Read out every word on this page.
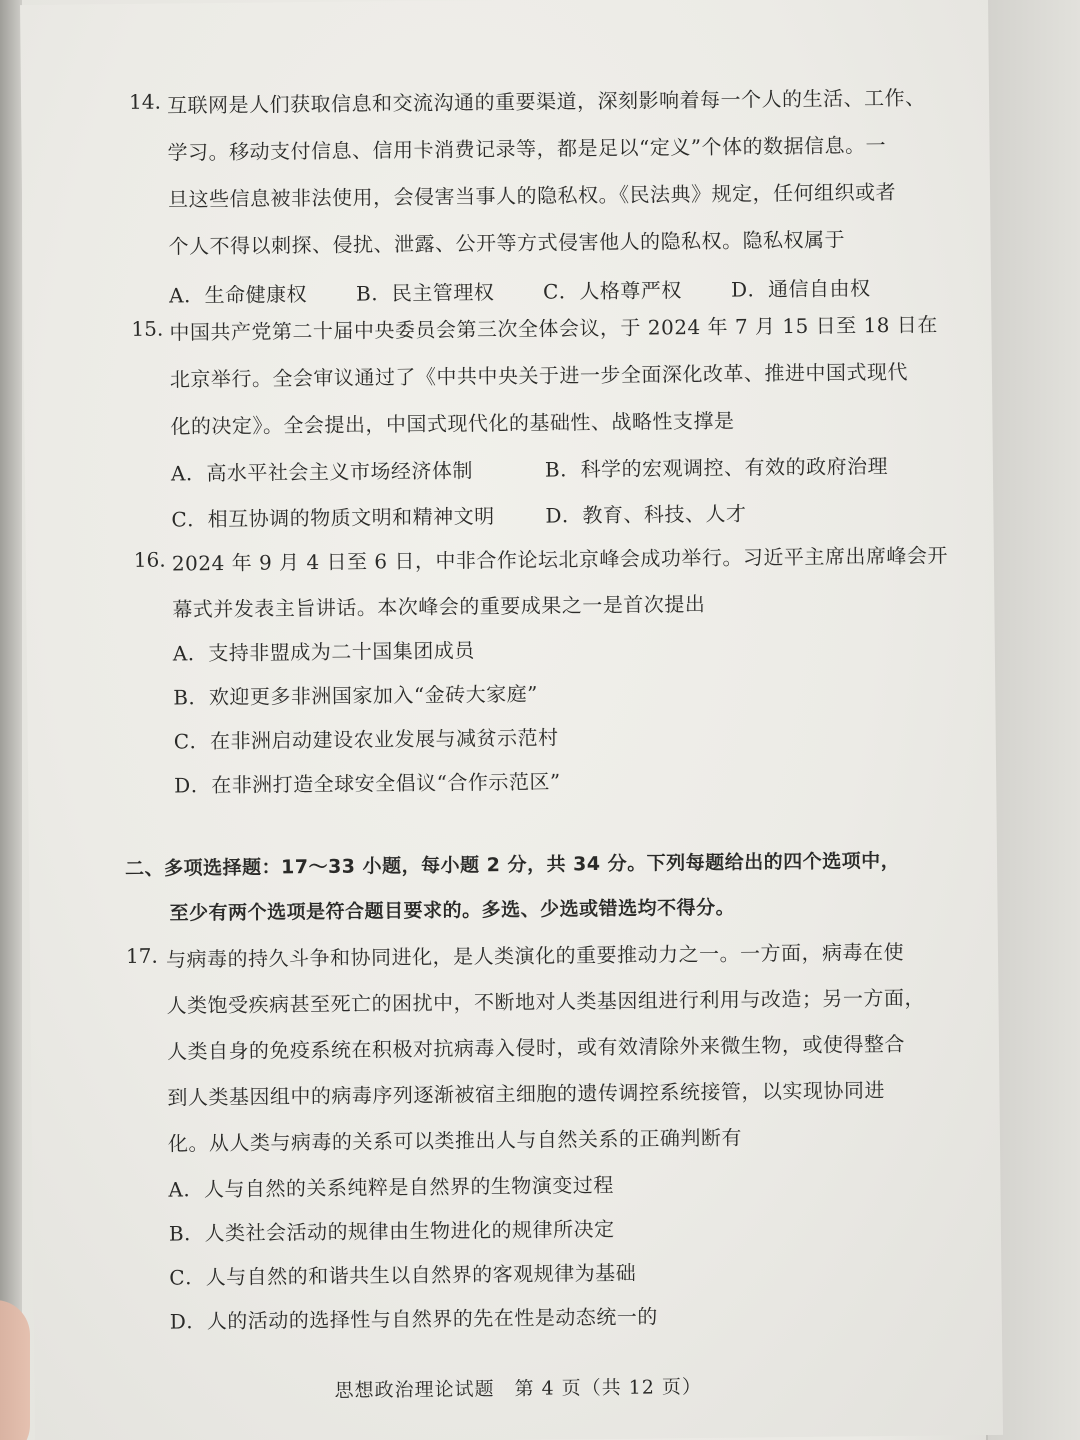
14. 互联网是人们获取信息和交流沟通的重要渠道，深刻影响着每一个人的生活、工作、
学习。移动支付信息、信用卡消费记录等，都是足以“定义”个体的数据信息。一
旦这些信息被非法使用，会侵害当事人的隐私权。《民法典》规定，任何组织或者
个人不得以刺探、侵扰、泄露、公开等方式侵害他人的隐私权。隐私权属于
A．生命健康权 B．民主管理权 C．人格尊严权 D．通信自由权
15. 中国共产党第二十届中央委员会第三次全体会议，于 2024 年 7 月 15 日至 18 日在
北京举行。全会审议通过了《中共中央关于进一步全面深化改革、推进中国式现代
化的决定》。全会提出，中国式现代化的基础性、战略性支撑是
A．高水平社会主义市场经济体制	B．科学的宏观调控、有效的政府治理
C．相互协调的物质文明和精神文明	D．教育、科技、人才
16. 2024 年 9 月 4 日至 6 日，中非合作论坛北京峰会成功举行。习近平主席出席峰会开
幕式并发表主旨讲话。本次峰会的重要成果之一是首次提出
A．支持非盟成为二十国集团成员
B．欢迎更多非洲国家加入“金砖大家庭”
C．在非洲启动建设农业发展与减贫示范村
D．在非洲打造全球安全倡议“合作示范区”
二、多项选择题：17～33 小题，每小题 2 分，共 34 分。下列每题给出的四个选项中，
至少有两个选项是符合题目要求的。多选、少选或错选均不得分。
17. 与病毒的持久斗争和协同进化，是人类演化的重要推动力之一。一方面，病毒在使
人类饱受疾病甚至死亡的困扰中，不断地对人类基因组进行利用与改造；另一方面，
人类自身的免疫系统在积极对抗病毒入侵时，或有效清除外来微生物，或使得整合
到人类基因组中的病毒序列逐渐被宿主细胞的遗传调控系统接管，以实现协同进
化。从人类与病毒的关系可以类推出人与自然关系的正确判断有
A．人与自然的关系纯粹是自然界的生物演变过程
B．人类社会活动的规律由生物进化的规律所决定
C．人与自然的和谐共生以自然界的客观规律为基础
D．人的活动的选择性与自然界的先在性是动态统一的
思想政治理论试题　第 4 页（共 12 页）
